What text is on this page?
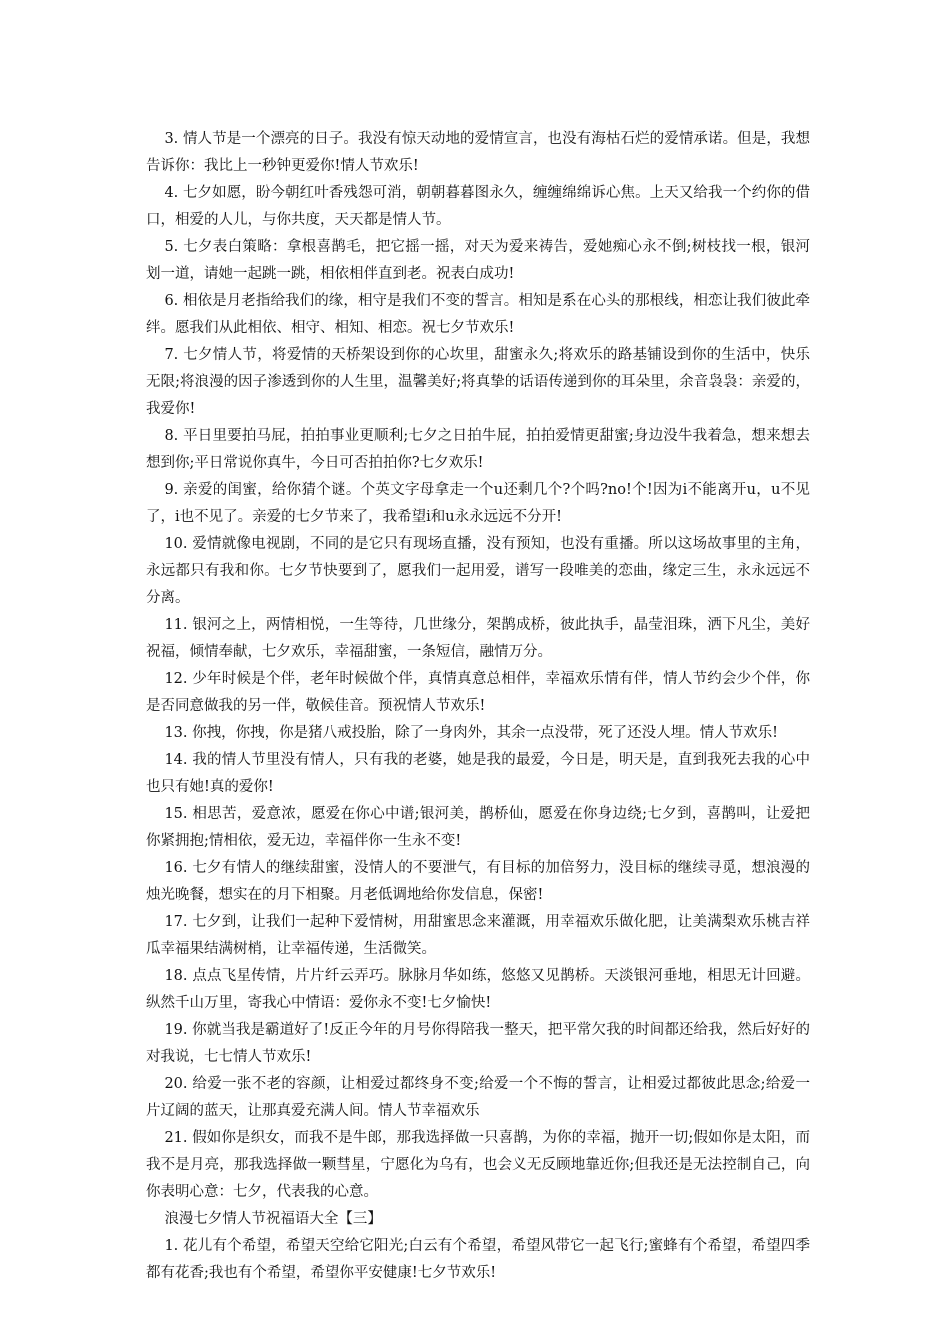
3. 情人节是一个漂亮的日子。我没有惊天动地的爱情宣言，也没有海枯石烂的爱情承诺。但是，我想告诉你：我比上一秒钟更爱你!情人节欢乐!

4. 七夕如愿，盼今朝红叶香残怨可消，朝朝暮暮图永久，缠缠绵绵诉心焦。上天又给我一个约你的借口，相爱的人儿，与你共度，天天都是情人节。

5. 七夕表白策略：拿根喜鹊毛，把它摇一摇，对天为爱来祷告，爱她痴心永不倒;树枝找一根，银河划一道，请她一起跳一跳，相依相伴直到老。祝表白成功!

6. 相依是月老指给我们的缘，相守是我们不变的誓言。相知是系在心头的那根线，相恋让我们彼此牵绊。愿我们从此相依、相守、相知、相恋。祝七夕节欢乐!

7. 七夕情人节，将爱情的天桥架设到你的心坎里，甜蜜永久;将欢乐的路基铺设到你的生活中，快乐无限;将浪漫的因子渗透到你的人生里，温馨美好;将真挚的话语传递到你的耳朵里，余音袅袅：亲爱的，我爱你!

8. 平日里要拍马屁，拍拍事业更顺利;七夕之日拍牛屁，拍拍爱情更甜蜜;身边没牛我着急，想来想去想到你;平日常说你真牛，今日可否拍拍你?七夕欢乐!

9. 亲爱的闺蜜，给你猜个谜。个英文字母拿走一个u还剩几个?个吗?no!个!因为i不能离开u，u不见了，i也不见了。亲爱的七夕节来了，我希望i和u永永远远不分开!

10. 爱情就像电视剧，不同的是它只有现场直播，没有预知，也没有重播。所以这场故事里的主角，永远都只有我和你。七夕节快要到了，愿我们一起用爱，谱写一段唯美的恋曲，缘定三生，永永远远不分离。

11. 银河之上，两情相悦，一生等待，几世缘分，架鹊成桥，彼此执手，晶莹泪珠，洒下凡尘，美好祝福，倾情奉献，七夕欢乐，幸福甜蜜，一条短信，融情万分。

12. 少年时候是个伴，老年时候做个伴，真情真意总相伴，幸福欢乐情有伴，情人节约会少个伴，你是否同意做我的另一伴，敬候佳音。预祝情人节欢乐!

13. 你拽，你拽，你是猪八戒投胎，除了一身肉外，其余一点没带，死了还没人埋。情人节欢乐!

14. 我的情人节里没有情人，只有我的老婆，她是我的最爱，今日是，明天是，直到我死去我的心中也只有她!真的爱你!

15. 相思苦，爱意浓，愿爱在你心中谱;银河美，鹊桥仙，愿爱在你身边绕;七夕到，喜鹊叫，让爱把你紧拥抱;情相依，爱无边，幸福伴你一生永不变!

16. 七夕有情人的继续甜蜜，没情人的不要泄气，有目标的加倍努力，没目标的继续寻觅，想浪漫的烛光晚餐，想实在的月下相聚。月老低调地给你发信息，保密!

17. 七夕到，让我们一起种下爱情树，用甜蜜思念来灌溉，用幸福欢乐做化肥，让美满梨欢乐桃吉祥瓜幸福果结满树梢，让幸福传递，生活微笑。

18. 点点飞星传情，片片纤云弄巧。脉脉月华如练，悠悠又见鹊桥。天淡银河垂地，相思无计回避。纵然千山万里，寄我心中情语：爱你永不变!七夕愉快!

19. 你就当我是霸道好了!反正今年的月号你得陪我一整天，把平常欠我的时间都还给我，然后好好的对我说，七七情人节欢乐!

20. 给爱一张不老的容颜，让相爱过都终身不变;给爱一个不悔的誓言，让相爱过都彼此思念;给爱一片辽阔的蓝天，让那真爱充满人间。情人节幸福欢乐

21. 假如你是织女，而我不是牛郎，那我选择做一只喜鹊，为你的幸福，抛开一切;假如你是太阳，而我不是月亮，那我选择做一颗彗星，宁愿化为乌有，也会义无反顾地靠近你;但我还是无法控制自己，向你表明心意：七夕，代表我的心意。

浪漫七夕情人节祝福语大全【三】

1. 花儿有个希望，希望天空给它阳光;白云有个希望，希望风带它一起飞行;蜜蜂有个希望，希望四季都有花香;我也有个希望，希望你平安健康!七夕节欢乐!
